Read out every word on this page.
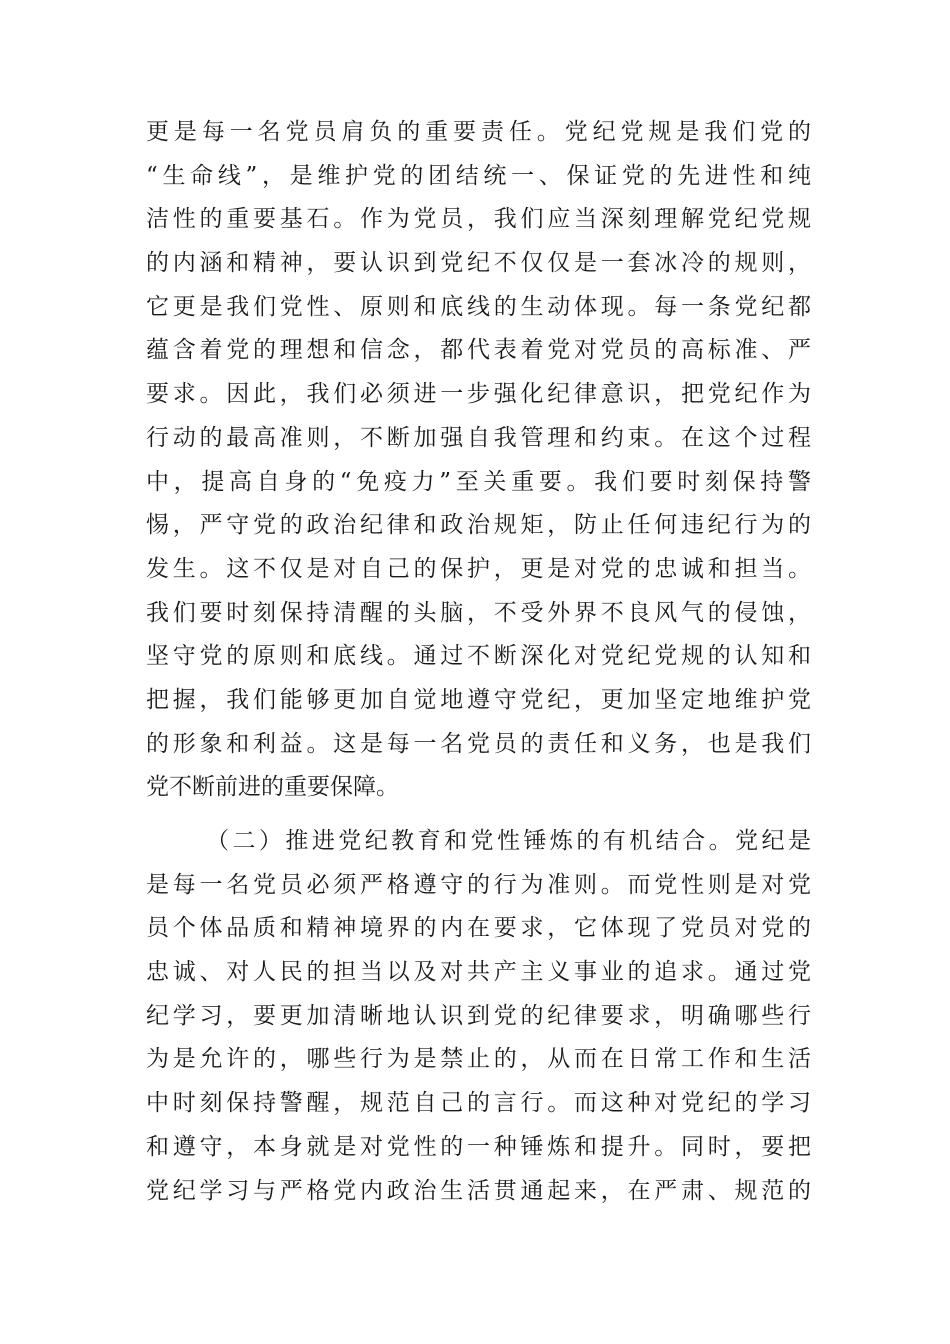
更是每一名党员肩负的重要责任。党纪党规是我们党的
“生命线”，是维护党的团结统一、保证党的先进性和纯
洁性的重要基石。作为党员，我们应当深刻理解党纪党规
的内涵和精神，要认识到党纪不仅仅是一套冰冷的规则，
它更是我们党性、原则和底线的生动体现。每一条党纪都
蕴含着党的理想和信念，都代表着党对党员的高标准、严
要求。因此，我们必须进一步强化纪律意识，把党纪作为
行动的最高准则，不断加强自我管理和约束。在这个过程
中，提高自身的“免疫力”至关重要。我们要时刻保持警
惕，严守党的政治纪律和政治规矩，防止任何违纪行为的
发生。这不仅是对自己的保护，更是对党的忠诚和担当。
我们要时刻保持清醒的头脑，不受外界不良风气的侵蚀，
坚守党的原则和底线。通过不断深化对党纪党规的认知和
把握，我们能够更加自觉地遵守党纪，更加坚定地维护党
的形象和利益。这是每一名党员的责任和义务，也是我们
党不断前进的重要保障。
（二）推进党纪教育和党性锤炼的有机结合。党纪是
是每一名党员必须严格遵守的行为准则。而党性则是对党
员个体品质和精神境界的内在要求，它体现了党员对党的
忠诚、对人民的担当以及对共产主义事业的追求。通过党
纪学习，要更加清晰地认识到党的纪律要求，明确哪些行
为是允许的，哪些行为是禁止的，从而在日常工作和生活
中时刻保持警醒，规范自己的言行。而这种对党纪的学习
和遵守，本身就是对党性的一种锤炼和提升。同时，要把
党纪学习与严格党内政治生活贯通起来，在严肃、规范的
